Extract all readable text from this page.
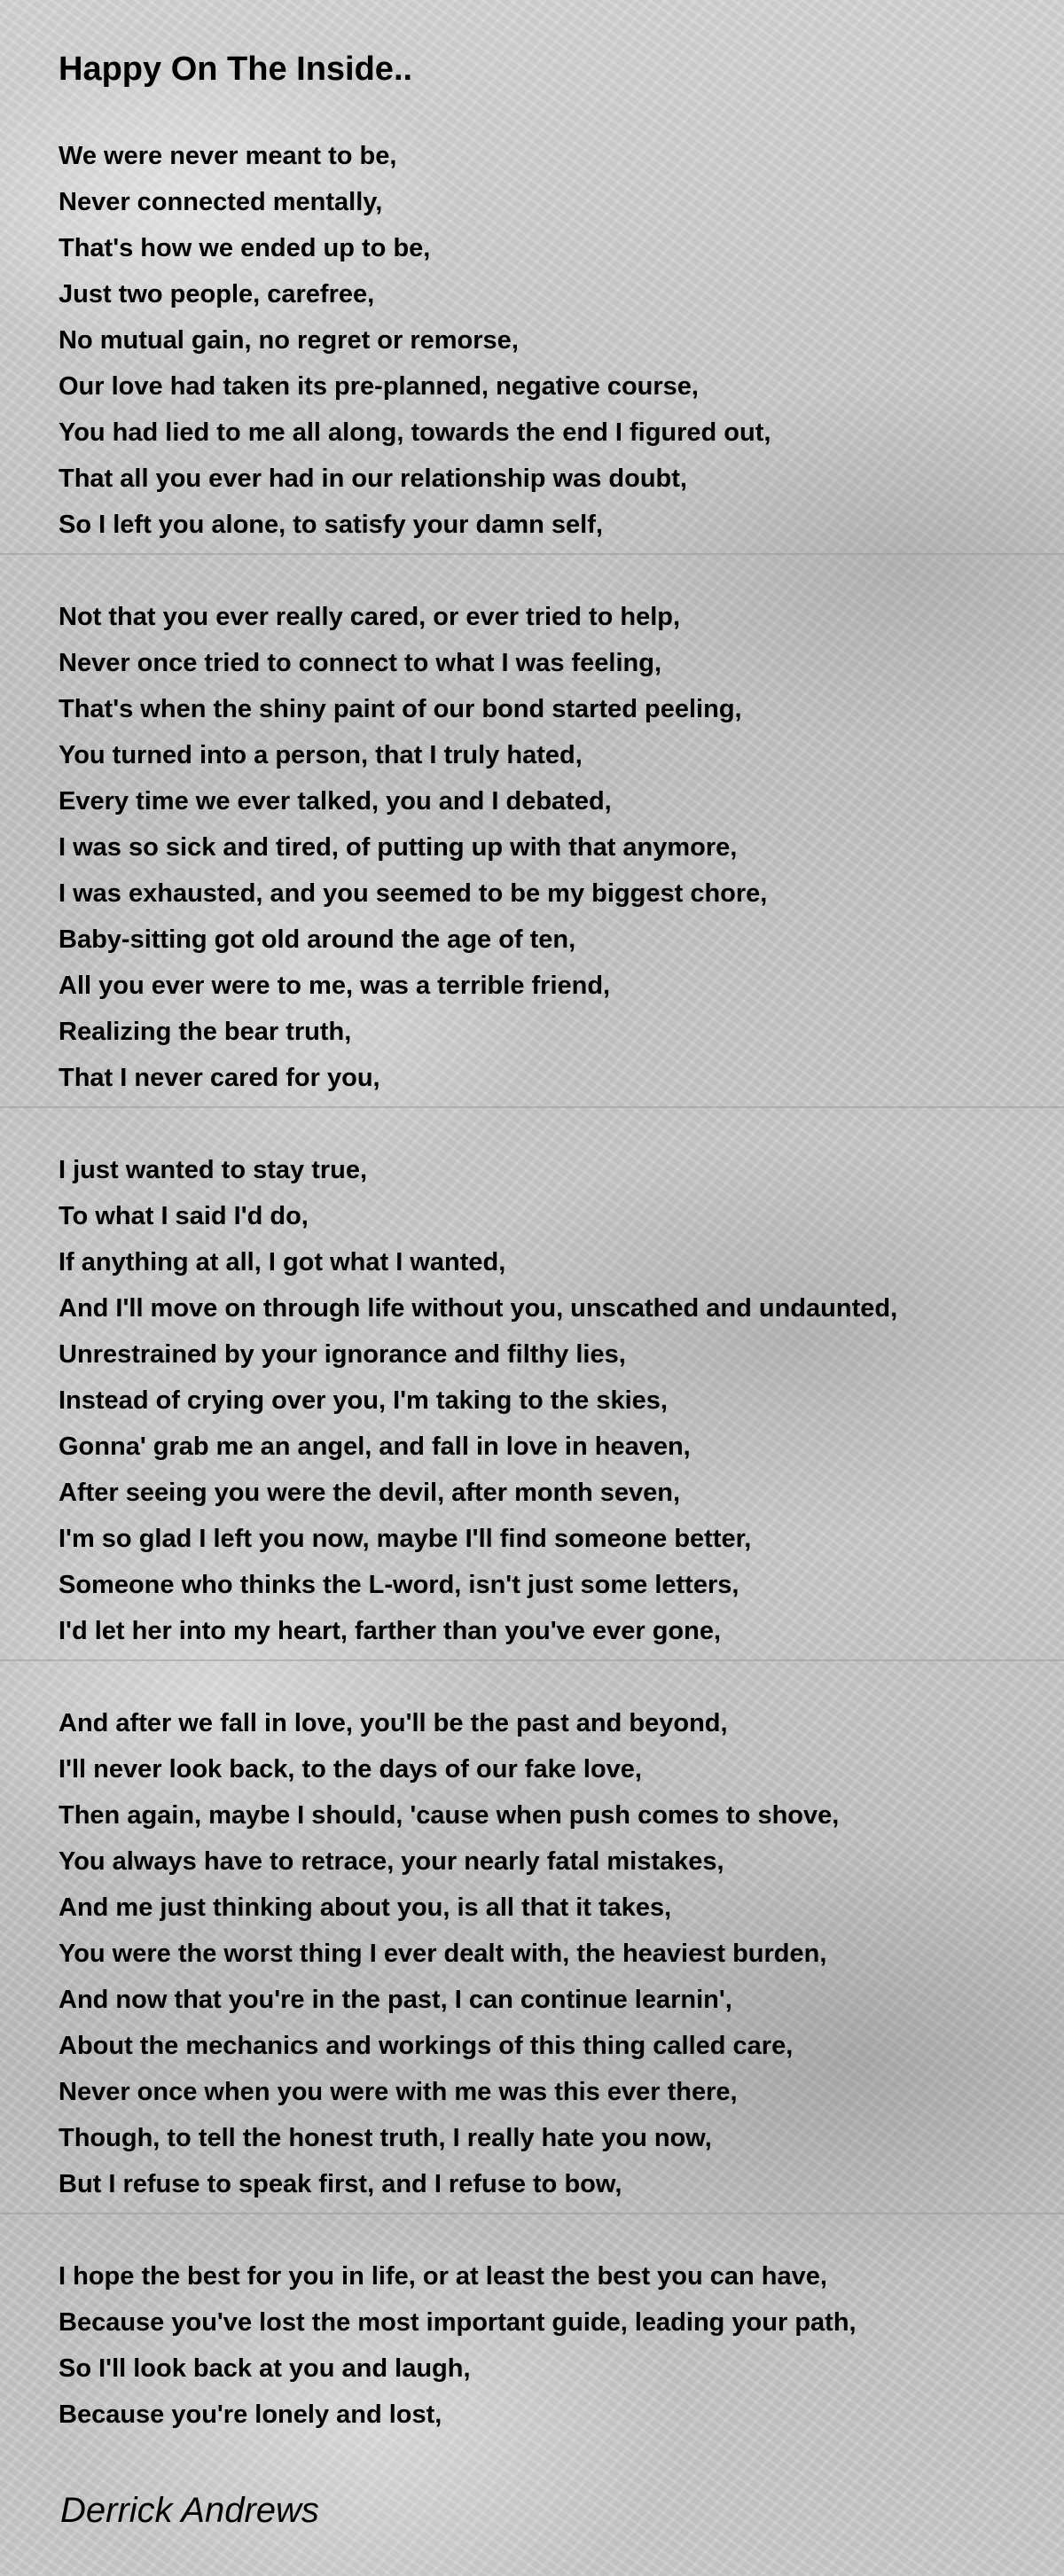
Happy On The Inside..
We were never meant to be,
Never connected mentally,
That's how we ended up to be,
Just two people, carefree,
No mutual gain, no regret or remorse,
Our love had taken its pre-planned, negative course,
You had lied to me all along, towards the end I figured out,
That all you ever had in our relationship was doubt,
So I left you alone, to satisfy your damn self,
Not that you ever really cared, or ever tried to help,
Never once tried to connect to what I was feeling,
That's when the shiny paint of our bond started peeling,
You turned into a person, that I truly hated,
Every time we ever talked, you and I debated,
I was so sick and tired, of putting up with that anymore,
I was exhausted, and you seemed to be my biggest chore,
Baby-sitting got old around the age of ten,
All you ever were to me, was a terrible friend,
Realizing the bear truth,
That I never cared for you,
I just wanted to stay true,
To what I said I'd do,
If anything at all, I got what I wanted,
And I'll move on through life without you, unscathed and undaunted,
Unrestrained by your ignorance and filthy lies,
Instead of crying over you, I'm taking to the skies,
Gonna' grab me an angel, and fall in love in heaven,
After seeing you were the devil, after month seven,
I'm so glad I left you now, maybe I'll find someone better,
Someone who thinks the L-word, isn't just some letters,
I'd let her into my heart, farther than you've ever gone,
And after we fall in love, you'll be the past and beyond,
I'll never look back, to the days of our fake love,
Then again, maybe I should, 'cause when push comes to shove,
You always have to retrace, your nearly fatal mistakes,
And me just thinking about you, is all that it takes,
You were the worst thing I ever dealt with, the heaviest burden,
And now that you're in the past, I can continue learnin',
About the mechanics and workings of this thing called care,
Never once when you were with me was this ever there,
Though, to tell the honest truth, I really hate you now,
But I refuse to speak first, and I refuse to bow,
I hope the best for you in life, or at least the best you can have,
Because you've lost the most important guide, leading your path,
So I'll look back at you and laugh,
Because you're lonely and lost,
Derrick Andrews
